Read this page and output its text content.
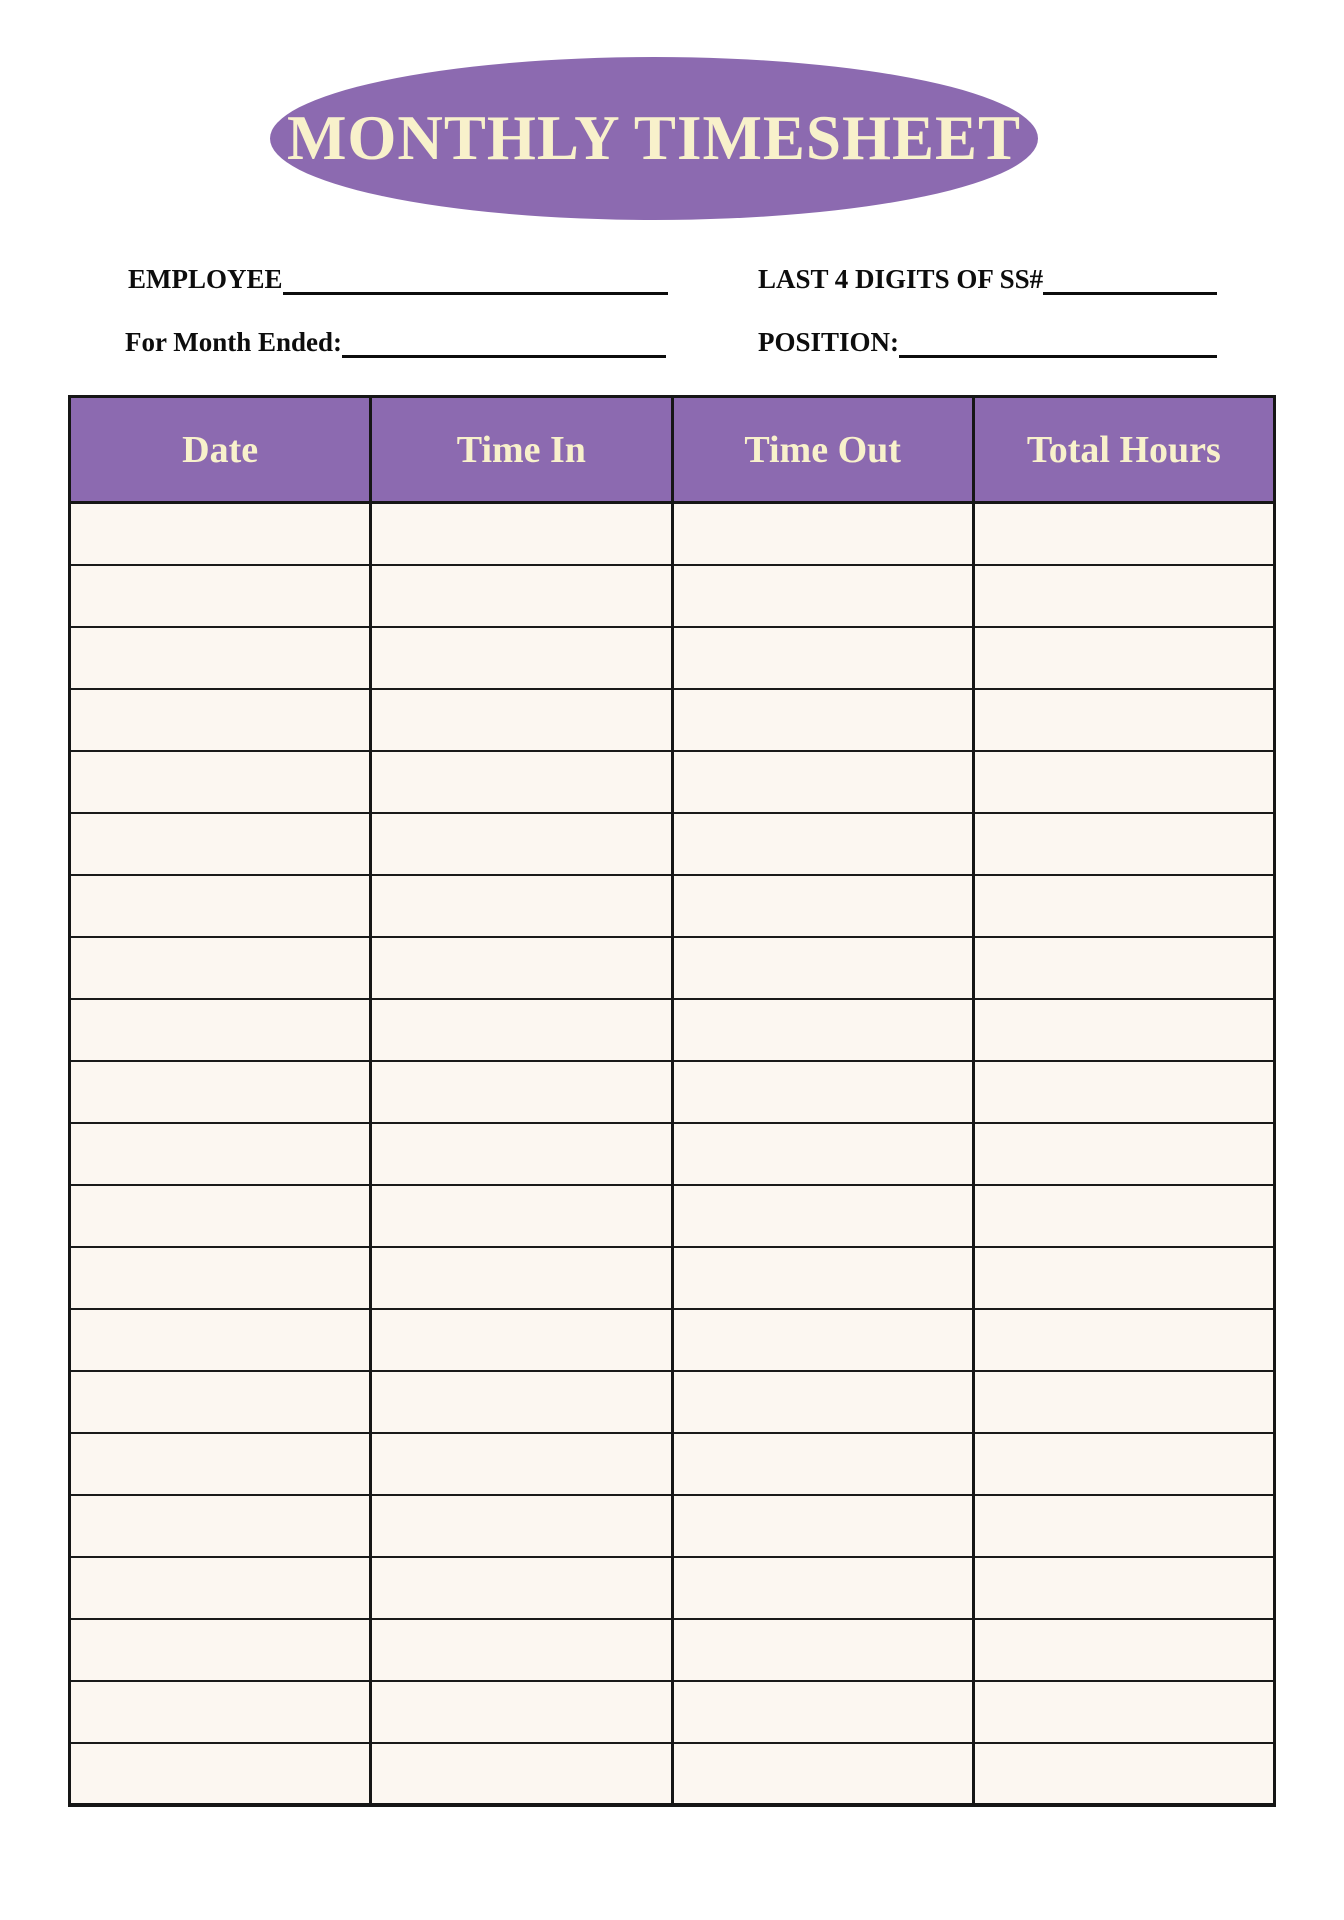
MONTHLY TIMESHEET
EMPLOYEE	LAST 4 DIGITS OF SS#
For Month Ended:	POSITION:
Date	Time In	Time Out	Total Hours
